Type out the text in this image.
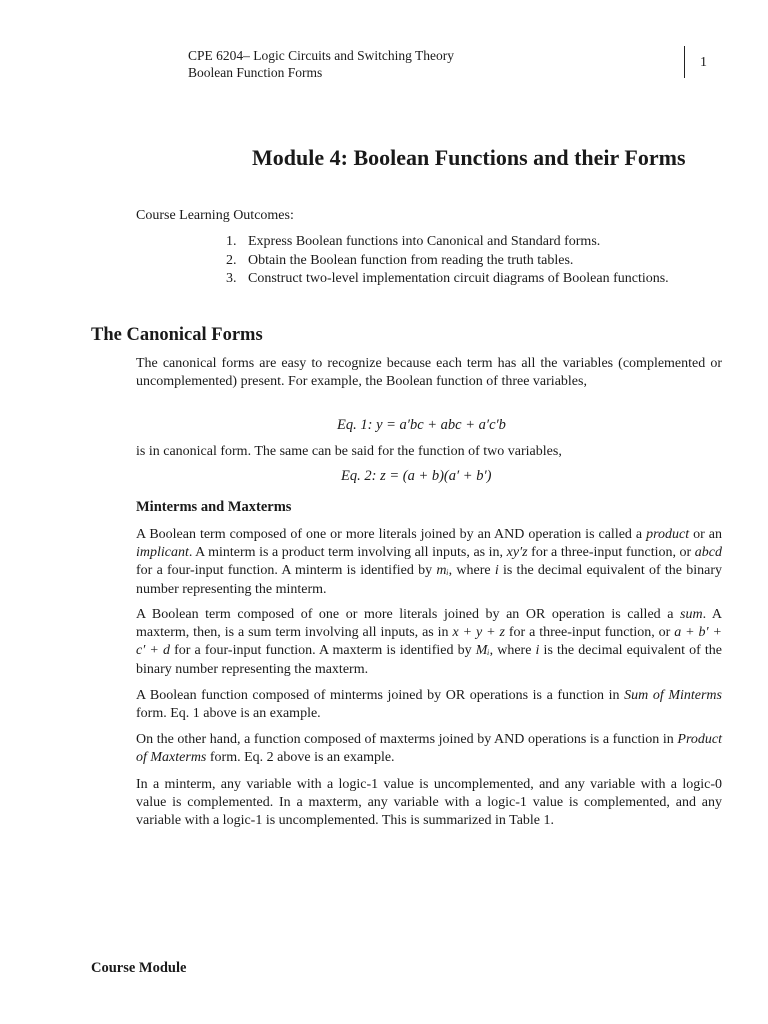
CPE 6204– Logic Circuits and Switching Theory
Boolean Function Forms
1
Module 4: Boolean Functions and their Forms
Course Learning Outcomes:
1. Express Boolean functions into Canonical and Standard forms.
2. Obtain the Boolean function from reading the truth tables.
3. Construct two-level implementation circuit diagrams of Boolean functions.
The Canonical Forms
The canonical forms are easy to recognize because each term has all the variables (complemented or uncomplemented) present. For example, the Boolean function of three variables,
Eq. 1: y = a′bc + abc + a′c′b
is in canonical form. The same can be said for the function of two variables,
Eq. 2: z = (a + b)(a′ + b′)
Minterms and Maxterms
A Boolean term composed of one or more literals joined by an AND operation is called a product or an implicant. A minterm is a product term involving all inputs, as in, xy′z for a three-input function, or abcd for a four-input function. A minterm is identified by mᵢ, where i is the decimal equivalent of the binary number representing the minterm.
A Boolean term composed of one or more literals joined by an OR operation is called a sum. A maxterm, then, is a sum term involving all inputs, as in x + y + z for a three-input function, or a + b′ + c′ + d for a four-input function. A maxterm is identified by Mᵢ, where i is the decimal equivalent of the binary number representing the maxterm.
A Boolean function composed of minterms joined by OR operations is a function in Sum of Minterms form. Eq. 1 above is an example.
On the other hand, a function composed of maxterms joined by AND operations is a function in Product of Maxterms form. Eq. 2 above is an example.
In a minterm, any variable with a logic-1 value is uncomplemented, and any variable with a logic-0 value is complemented. In a maxterm, any variable with a logic-1 value is complemented, and any variable with a logic-1 is uncomplemented. This is summarized in Table 1.
Course Module
